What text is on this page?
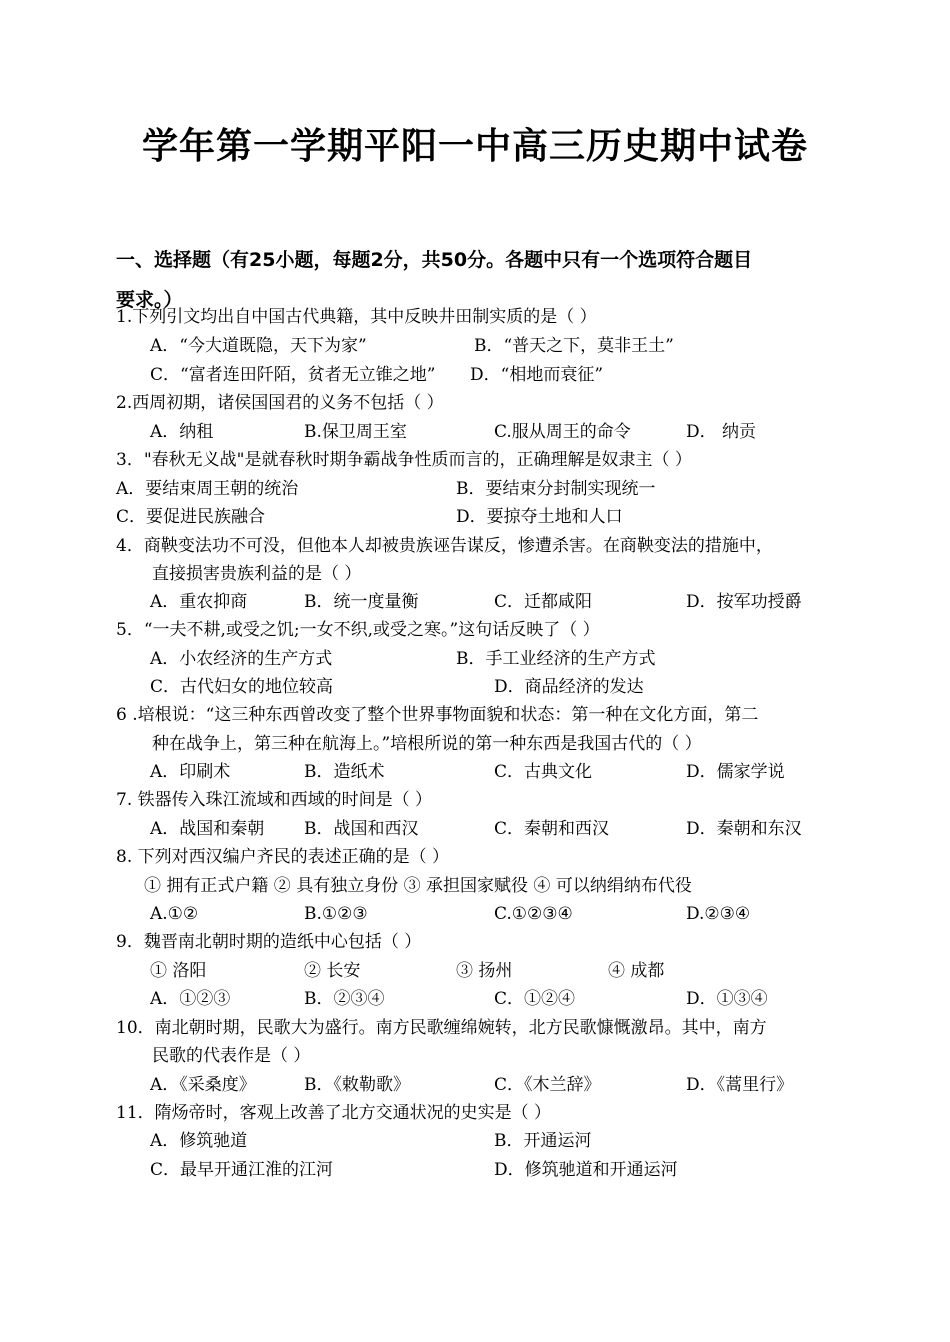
学年第一学期平阳一中高三历史期中试卷
一、选择题（有25小题，每题2分，共50分。各题中只有一个选项符合题目
要求。）
1.下列引文均出自中国古代典籍，其中反映井田制实质的是（ ）
A．“今大道既隐，天下为家”	B．“普天之下，莫非王土”
C．“富者连田阡陌，贫者无立锥之地” D．“相地而衰征”
2.西周初期，诸侯国国君的义务不包括（ ）
A．纳租	B.保卫周王室	C.服从周王的命令	D． 纳贡
3．"春秋无义战"是就春秋时期争霸战争性质而言的，正确理解是奴隶主（ ）
A．要结束周王朝的统治	B．要结束分封制实现统一
C．要促进民族融合	D．要掠夺土地和人口
4．商鞅变法功不可没，但他本人却被贵族诬告谋反，惨遭杀害。在商鞅变法的措施中，
直接损害贵族利益的是（ ）
A．重农抑商	B．统一度量衡	C．迁都咸阳	D．按军功授爵
5．“一夫不耕,或受之饥;一女不织,或受之寒。”这句话反映了（ ）
A．小农经济的生产方式	B．手工业经济的生产方式
C．古代妇女的地位较高	D．商品经济的发达
6 .培根说：“这三种东西曾改变了整个世界事物面貌和状态：第一种在文化方面，第二
种在战争上，第三种在航海上。”培根所说的第一种东西是我国古代的（ ）
A．印刷术	B．造纸术	C．古典文化	D．儒家学说
7. 铁器传入珠江流域和西域的时间是（ ）
A．战国和秦朝 B．战国和西汉	C．秦朝和西汉	D．秦朝和东汉
8. 下列对西汉编户齐民的表述正确的是（ ）
① 拥有正式户籍 ② 具有独立身份 ③ 承担国家赋役 ④ 可以纳绢纳布代役
A.①②	B.①②③	C.①②③④	D.②③④
9．魏晋南北朝时期的造纸中心包括（ ）
① 洛阳	② 长安	③ 扬州	④ 成都
A．①②③	B．②③④	C．①②④	D．①③④
10．南北朝时期，民歌大为盛行。南方民歌缠绵婉转，北方民歌慷慨激昂。其中，南方
民歌的代表作是（ ）
A．《采桑度》	B．《敕勒歌》	C．《木兰辞》	D．《蒿里行》
11．隋炀帝时，客观上改善了北方交通状况的史实是（ ）
A．修筑驰道	B．开通运河
C．最早开通江淮的江河	D．修筑驰道和开通运河
